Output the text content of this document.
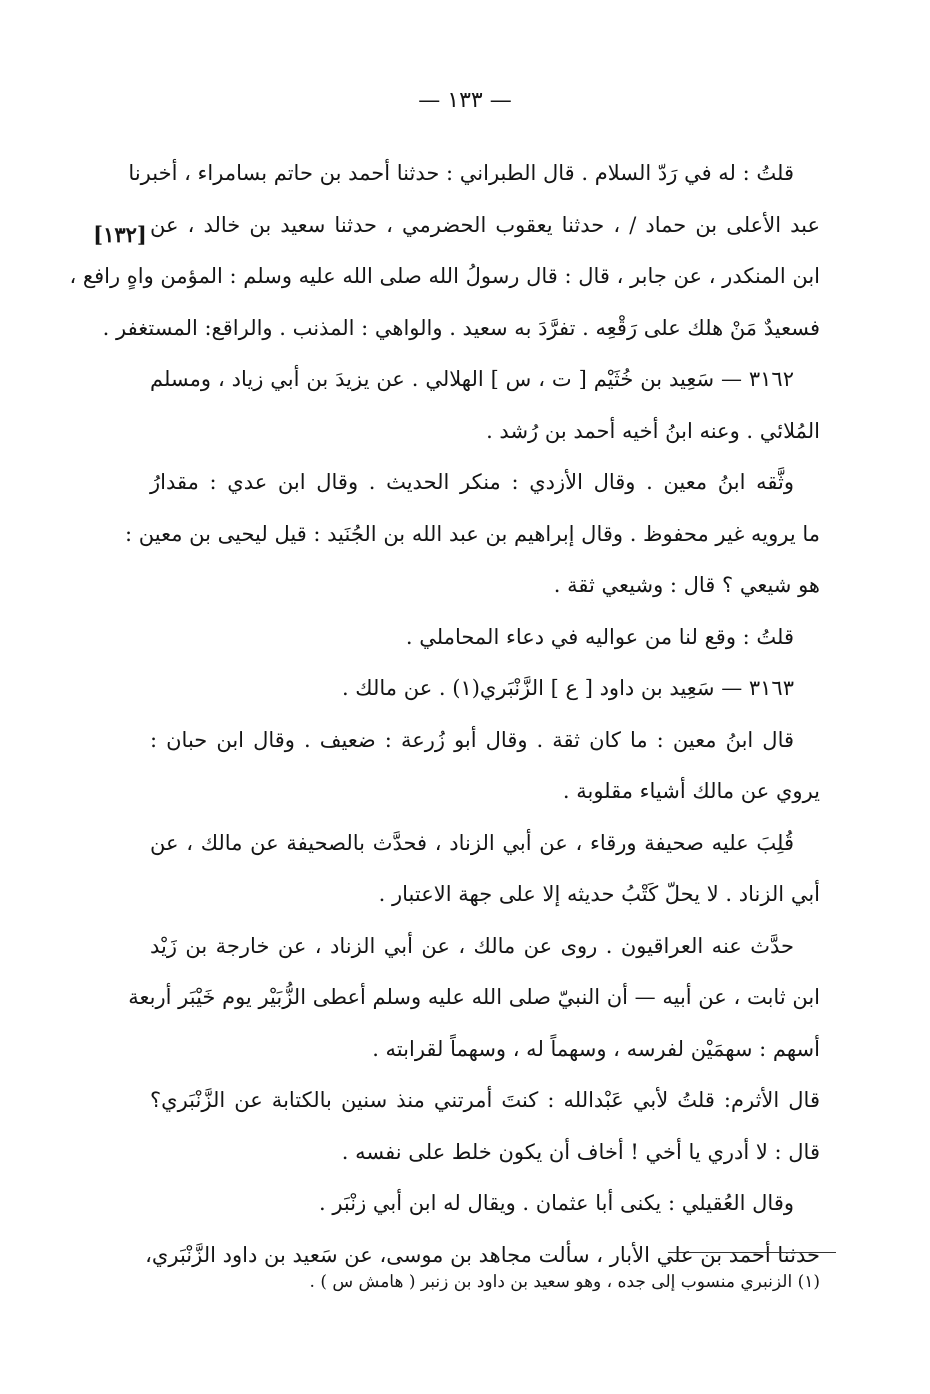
— ١٣٣ —
[١٣٢]
قلتُ : له في رَدّ السلام . قال الطبراني : حدثنا أحمد بن حاتم بسامراء ، أخبرنا
عبد الأعلى بن حماد / ، حدثنا يعقوب الحضرمي ، حدثنا سعيد بن خالد ، عن
ابن المنكدر ، عن جابر ، قال : قال رسولُ الله صلى الله عليه وسلم : المؤمن واهٍ رافع ،
فسعيدٌ مَنْ هلك على رَقْعِه . تفرَّدَ به سعيد . والواهي : المذنب . والراقع: المستغفر .
٣١٦٢ — سَعِيد بن خُثَيْم [ ت ، س ] الهلالي . عن يزيدَ بن أبي زياد ، ومسلم
المُلائي . وعنه ابنُ أخيه أحمد بن رُشد .
وثَّقه ابنُ معين . وقال الأزدي : منكر الحديث . وقال ابن عدي : مقدارُ
ما يرويه غير محفوظ . وقال إبراهيم بن عبد الله بن الجُنَيد : قيل ليحيى بن معين :
هو شيعي ؟ قال : وشيعي ثقة .
قلتُ : وقع لنا من عواليه في دعاء المحاملي .
٣١٦٣ — سَعِيد بن داود [ ع ] الزَّنْبَري(١) . عن مالك .
قال ابنُ معين : ما كان ثقة . وقال أبو زُرعة : ضعيف . وقال ابن حبان :
يروي عن مالك أشياء مقلوبة .
قُلِبَ عليه صحيفة ورقاء ، عن أبي الزناد ، فحدَّث بالصحيفة عن مالك ، عن
أبي الزناد . لا يحلّ كَتْبُ حديثه إلا على جهة الاعتبار .
حدَّث عنه العراقيون . روى عن مالك ، عن أبي الزناد ، عن خارجة بن زَيْد
ابن ثابت ، عن أبيه — أن النبيّ صلى الله عليه وسلم أعطى الزُّبَيْر يوم خَيْبَر أربعة
أسهم : سهمَيْن لفرسه ، وسهماً له ، وسهماً لقرابته .
قال الأثرم: قلتُ لأبي عَبْدالله : كنتَ أمرتني منذ سنين بالكتابة عن الزَّنْبَري؟
قال : لا أدري يا أخي ! أخاف أن يكون خلط على نفسه .
وقال العُقيلي : يكنى أبا عثمان . ويقال له ابن أبي زنْبَر .
حدثنا أحمد بن علي الأبار ، سألت مجاهد بن موسى، عن سَعيد بن داود الزَّنْبَري،
(١) الزنبري منسوب إلى جده ، وهو سعيد بن داود بن زنبر ( هامش س ) .
